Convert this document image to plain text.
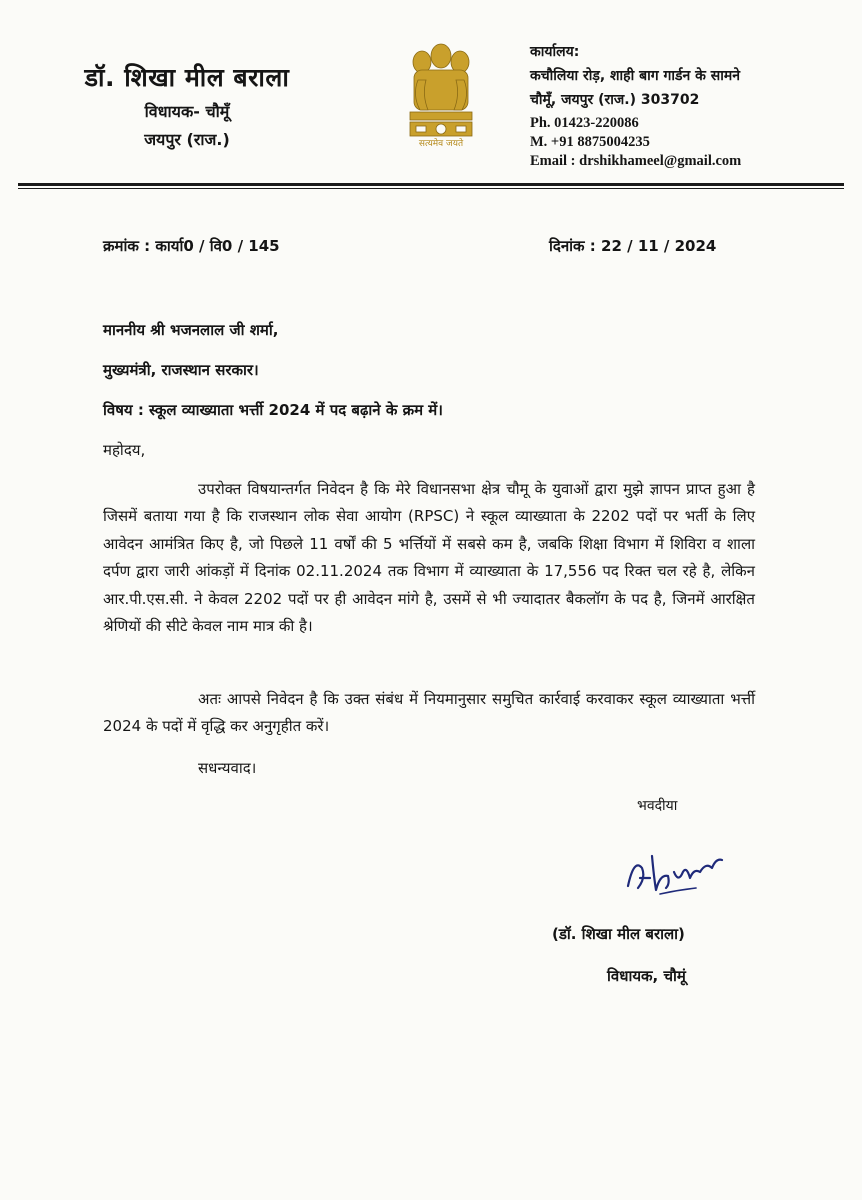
डॉ. शिखा मील बराला
विधायक- चौमूँ
जयपुर (राज.)	सत्यमेव जयते
कार्यालय:
कचौलिया रोड़, शाही बाग गार्डन के सामने
चौमूँ, जयपुर (राज.) 303702
Ph. 01423-220086
M. +91 8875004235
Email : drshikhameel@gmail.com
क्रमांक : कार्या0 / वि0 / 145	दिनांक : 22 / 11 / 2024
माननीय श्री भजनलाल जी शर्मा,
मुख्यमंत्री, राजस्थान सरकार।
विषय : स्कूल व्याख्याता भर्त्ती 2024 में पद बढ़ाने के क्रम में।
महोदय,
उपरोक्त विषयान्तर्गत निवेदन है कि मेरे विधानसभा क्षेत्र चौमू के युवाओं द्वारा मुझे ज्ञापन प्राप्त हुआ है जिसमें बताया गया है कि राजस्थान लोक सेवा आयोग (RPSC) ने स्कूल व्याख्याता के 2202 पदों पर भर्ती के लिए आवेदन आमंत्रित किए है, जो पिछले 11 वर्षों की 5 भर्त्तियों में सबसे कम है, जबकि शिक्षा विभाग में शिविरा व शाला दर्पण द्वारा जारी आंकड़ों में दिनांक 02.11.2024 तक विभाग में व्याख्याता के 17,556 पद रिक्त चल रहे है, लेकिन आर.पी.एस.सी. ने केवल 2202 पदों पर ही आवेदन मांगे है, उसमें से भी ज्यादातर बैकलॉग के पद है, जिनमें आरक्षित श्रेणियों की सीटे केवल नाम मात्र की है।
अतः आपसे निवेदन है कि उक्त संबंध में नियमानुसार समुचित कार्रवाई करवाकर स्कूल व्याख्याता भर्त्ती 2024 के पदों में वृद्धि कर अनुगृहीत करें।
सधन्यवाद।
भवदीया
(डॉ. शिखा मील बराला)
विधायक, चौमूं
